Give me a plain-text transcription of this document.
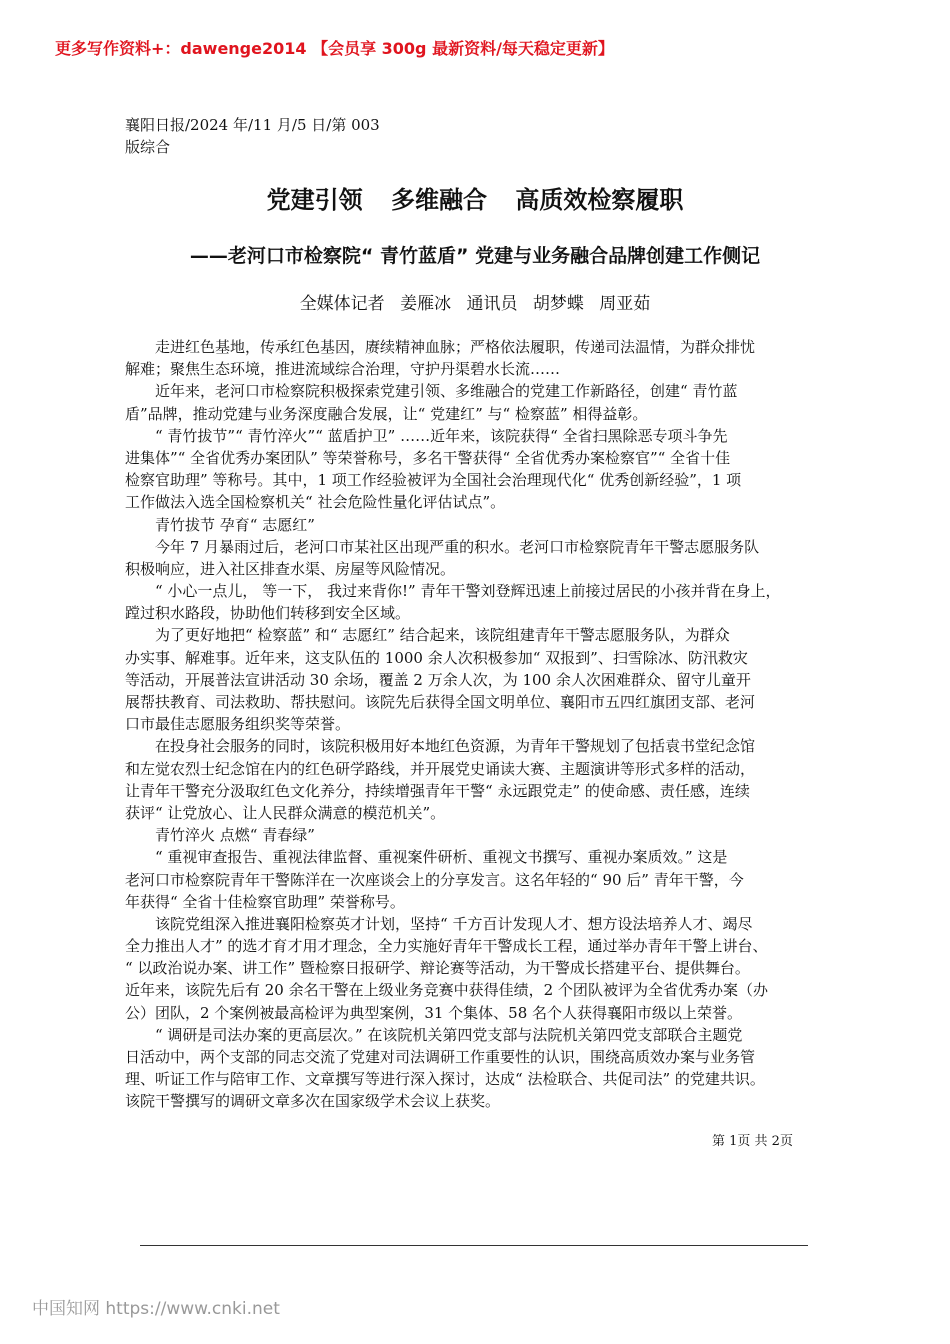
更多写作资料+：dawenge2014 【会员享 300g 最新资料/每天稳定更新】
襄阳日报/2024 年/11 月/5 日/第 003 版综合
党建引领 多维融合 高质效检察履职
——老河口市检察院“ 青竹蓝盾” 党建与业务融合品牌创建工作侧记
全媒体记者 姜雁冰 通讯员 胡梦蝶 周亚茹
　　走进红色基地，传承红色基因，赓续精神血脉；严格依法履职，传递司法温情，为群众排忧
解难；聚焦生态环境，推进流域综合治理，守护丹渠碧水长流……
　　近年来，老河口市检察院积极探索党建引领、多维融合的党建工作新路径，创建“ 青竹蓝
盾”品牌，推动党建与业务深度融合发展，让“ 党建红” 与“ 检察蓝” 相得益彰。
　　“ 青竹拔节”“ 青竹淬火”“ 蓝盾护卫” ……近年来，该院获得“ 全省扫黑除恶专项斗争先
进集体”“ 全省优秀办案团队” 等荣誉称号，多名干警获得“ 全省优秀办案检察官”“ 全省十佳
检察官助理” 等称号。其中，1 项工作经验被评为全国社会治理现代化“ 优秀创新经验”，1 项
工作做法入选全国检察机关“ 社会危险性量化评估试点”。
　　青竹拔节 孕育“ 志愿红”
　　今年 7 月暴雨过后，老河口市某社区出现严重的积水。老河口市检察院青年干警志愿服务队
积极响应，进入社区排查水渠、房屋等风险情况。
　　“ 小心一点儿， 等一下， 我过来背你!” 青年干警刘登辉迅速上前接过居民的小孩并背在身上，
蹚过积水路段，协助他们转移到安全区域。
　　为了更好地把“ 检察蓝” 和“ 志愿红” 结合起来，该院组建青年干警志愿服务队，为群众
办实事、解难事。近年来，这支队伍的 1000 余人次积极参加“ 双报到”、扫雪除冰、防汛救灾
等活动，开展普法宣讲活动 30 余场，覆盖 2 万余人次，为 100 余人次困难群众、留守儿童开
展帮扶教育、司法救助、帮扶慰问。该院先后获得全国文明单位、襄阳市五四红旗团支部、老河
口市最佳志愿服务组织奖等荣誉。
　　在投身社会服务的同时，该院积极用好本地红色资源，为青年干警规划了包括袁书堂纪念馆
和左觉农烈士纪念馆在内的红色研学路线，并开展党史诵读大赛、主题演讲等形式多样的活动，
让青年干警充分汲取红色文化养分，持续增强青年干警“ 永远跟党走” 的使命感、责任感，连续
获评“ 让党放心、让人民群众满意的模范机关”。
　　青竹淬火 点燃“ 青春绿”
　　“ 重视审查报告、重视法律监督、重视案件研析、重视文书撰写、重视办案质效。” 这是
老河口市检察院青年干警陈洋在一次座谈会上的分享发言。这名年轻的“ 90 后” 青年干警，今
年获得“ 全省十佳检察官助理” 荣誉称号。
　　该院党组深入推进襄阳检察英才计划，坚持“ 千方百计发现人才、想方设法培养人才、竭尽
全力推出人才” 的选才育才用才理念，全力实施好青年干警成长工程，通过举办青年干警上讲台、
“ 以政治说办案、讲工作” 暨检察日报研学、辩论赛等活动，为干警成长搭建平台、提供舞台。
近年来，该院先后有 20 余名干警在上级业务竞赛中获得佳绩，2 个团队被评为全省优秀办案（办
公）团队，2 个案例被最高检评为典型案例，31 个集体、58 名个人获得襄阳市级以上荣誉。
　　“ 调研是司法办案的更高层次。” 在该院机关第四党支部与法院机关第四党支部联合主题党
日活动中，两个支部的同志交流了党建对司法调研工作重要性的认识，围绕高质效办案与业务管
理、听证工作与陪审工作、文章撰写等进行深入探讨，达成“ 法检联合、共促司法” 的党建共识。
该院干警撰写的调研文章多次在国家级学术会议上获奖。
第 1页 共 2页
中国知网 https://www.cnki.net
